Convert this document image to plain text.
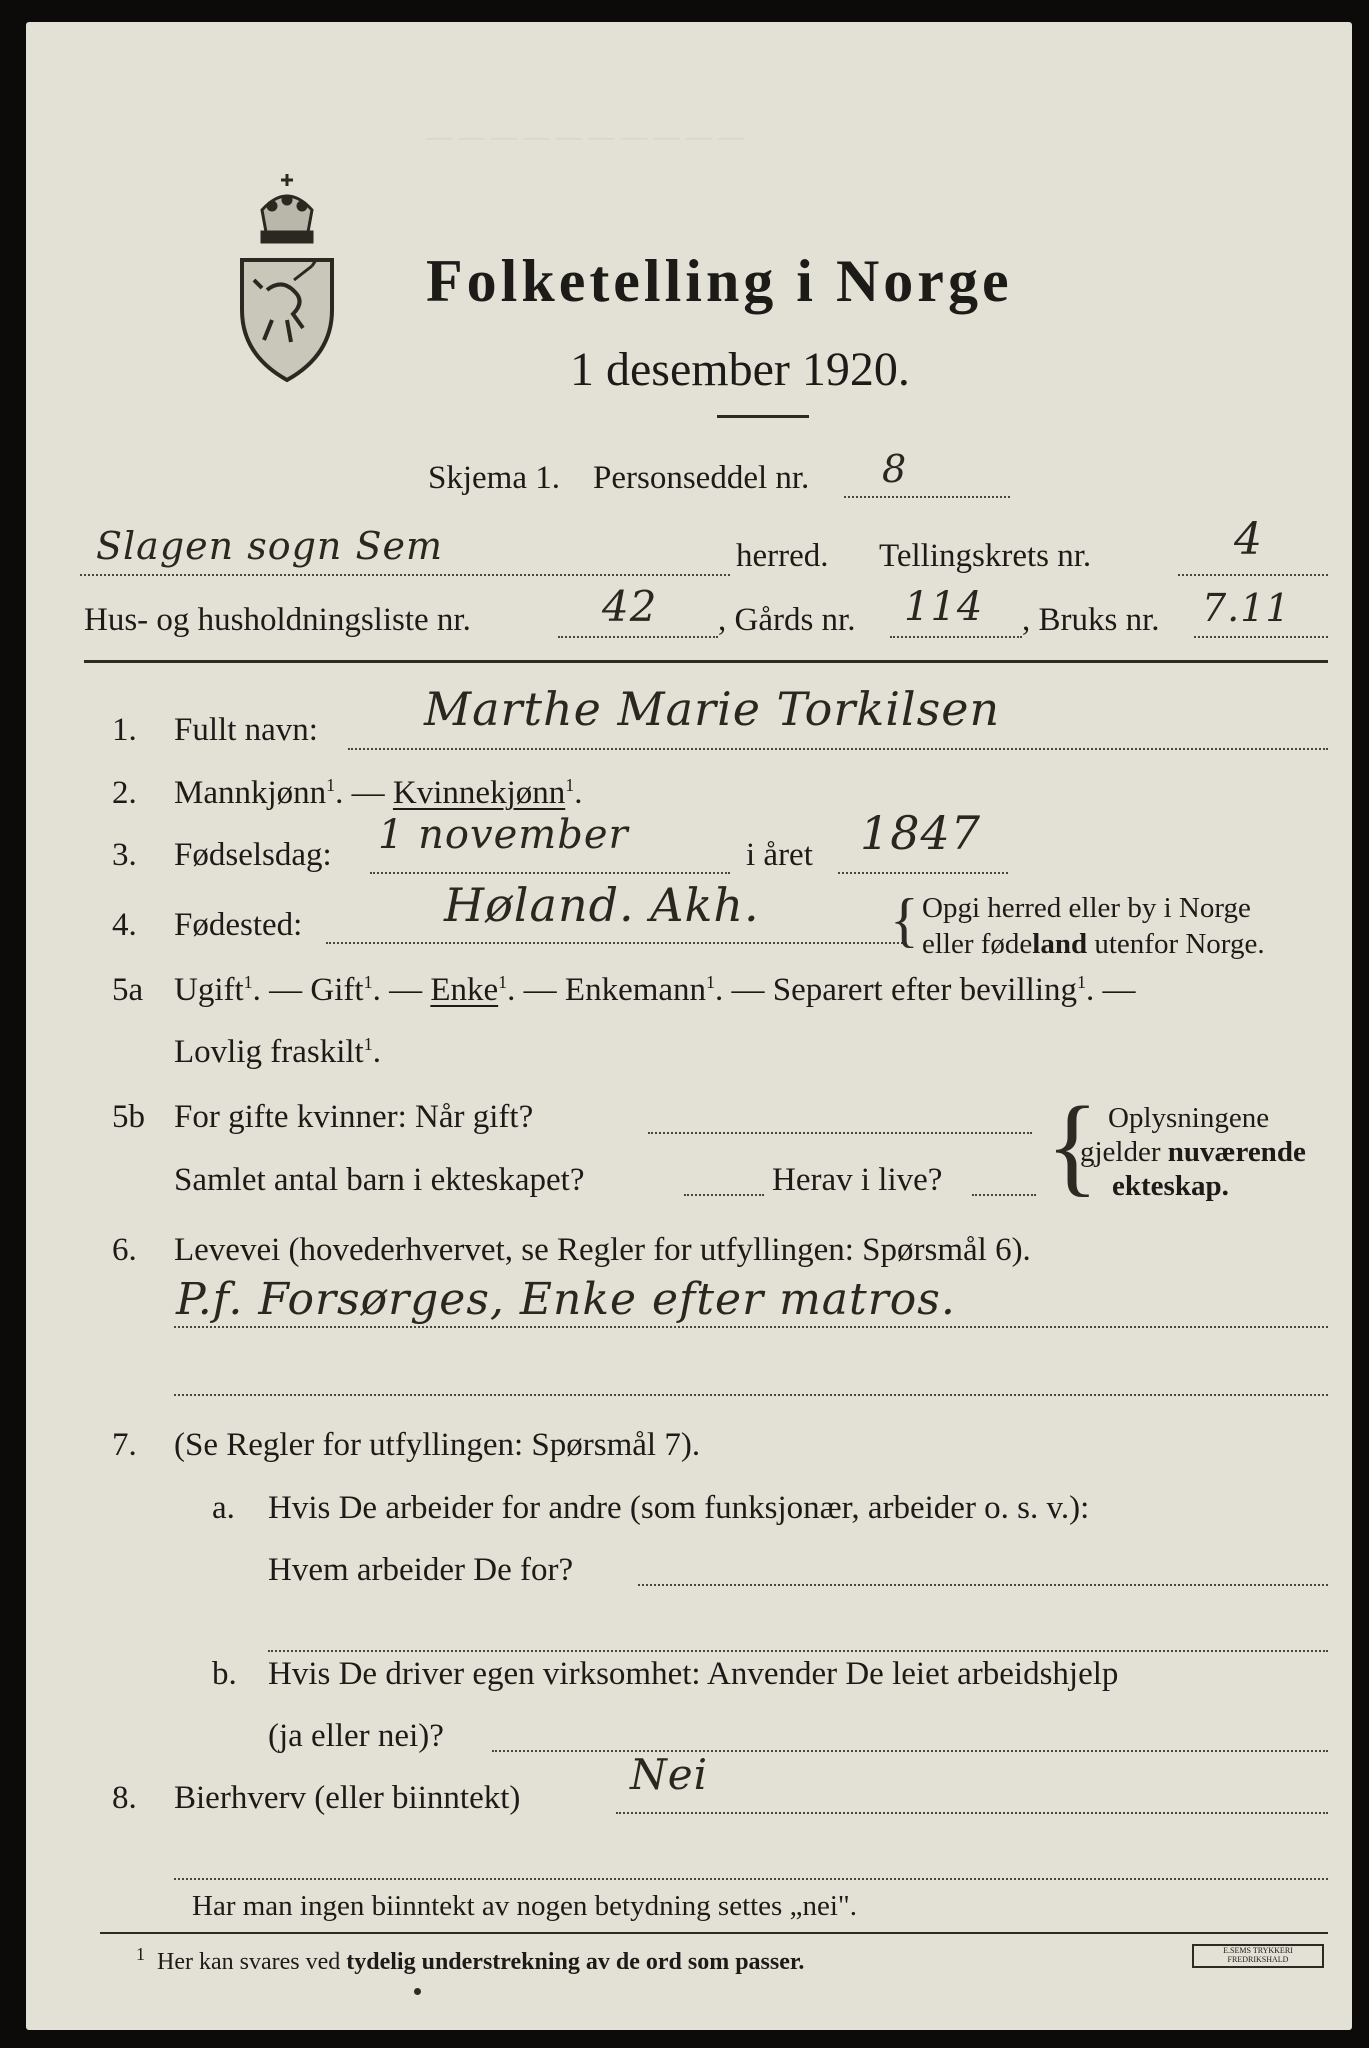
— — — — — — — — — —
Folketelling i Norge
1 desember 1920.
Skjema 1. Personseddel nr. 8
Slagen sogn Sem	herred. Tellingskrets nr.	4
Hus- og husholdningsliste nr.	42 , Gårds nr. 114 , Bruks nr. 7.11
1. Fullt navn: Marthe Marie Torkilsen
2. Mannkjønn$^1$. — Kvinnekjønn$^1$.
3. Fødselsdag: 1 november	i året 1847
4. Fødested:	Høland. Akh. { Opgi herred eller by i Norge
eller fødeland utenfor Norge.
5a Ugift$^1$. — Gift$^1$. — Enke$^1$. — Enkemann$^1$. — Separert efter bevilling$^1$. —
Lovlig fraskilt$^1$.
5b For gifte kvinner: Når gift?
Samlet antal barn i ekteskapet?	Herav i live? { Oplysningene
gjelder nuværende
ekteskap.
6. Levevei (hovederhvervet, se Regler for utfyllingen: Spørsmål 6).
P.f. Forsørges, Enke efter matros.
7. (Se Regler for utfyllingen: Spørsmål 7).
a. Hvis De arbeider for andre (som funksjonær, arbeider o. s. v.):
Hvem arbeider De for?
b. Hvis De driver egen virksomhet: Anvender De leiet arbeidshjelp
(ja eller nei)?
8. Bierhverv (eller biinntekt)	Nei
Har man ingen biinntekt av nogen betydning settes „nei".
$^1$ Her kan svares ved tydelig understrekning av de ord som passer.	E.SEMS TRYKKERI
FREDRIKSHALD
